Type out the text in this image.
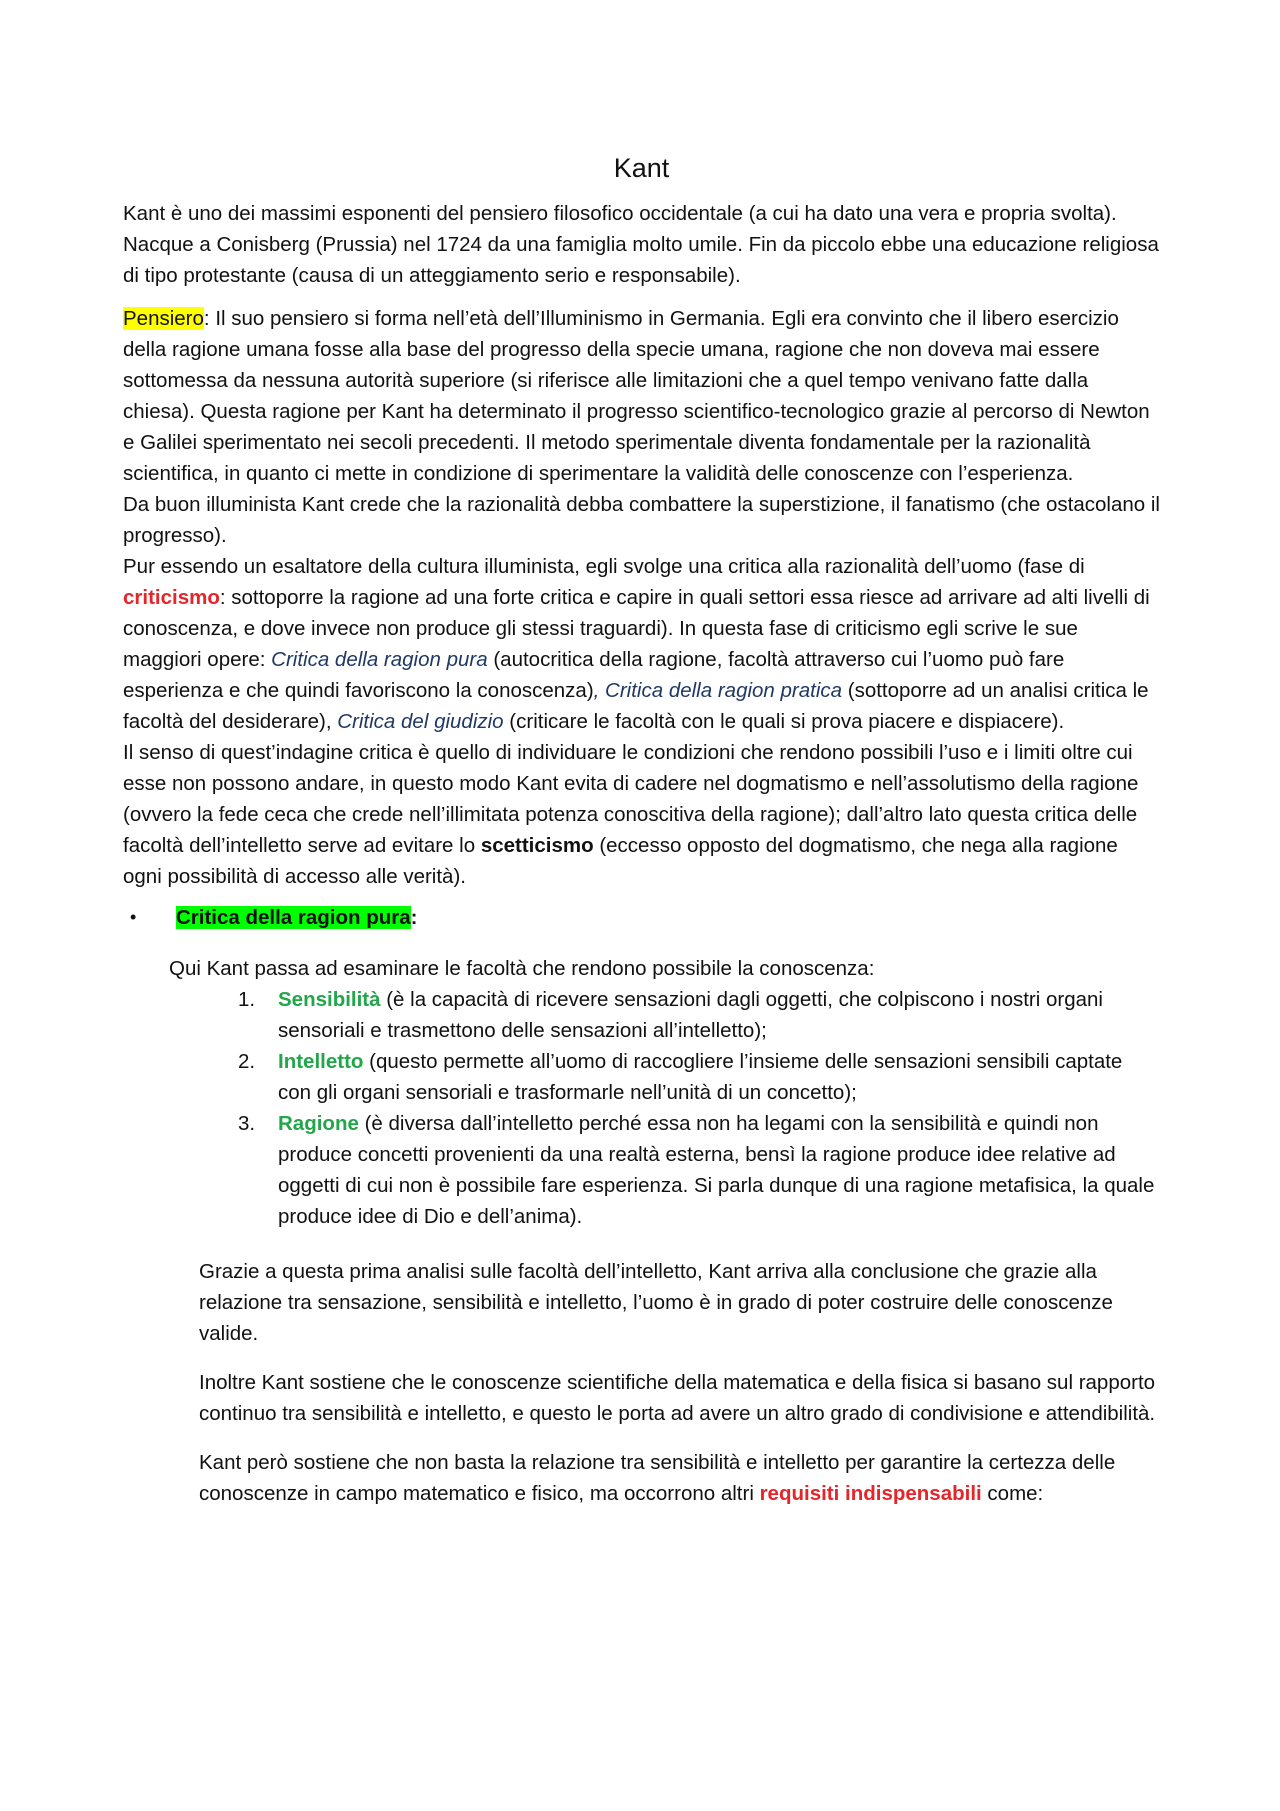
Kant

Kant è uno dei massimi esponenti del pensiero filosofico occidentale (a cui ha dato una vera e propria svolta).

Nacque a Conisberg (Prussia) nel 1724 da una famiglia molto umile. Fin da piccolo ebbe una educazione religiosa di tipo protestante (causa di un atteggiamento serio e responsabile).

Pensiero: Il suo pensiero si forma nell’età dell’Illuminismo in Germania. Egli era convinto che il libero esercizio della ragione umana fosse alla base del progresso della specie umana, ragione che non doveva mai essere sottomessa da nessuna autorità superiore (si riferisce alle limitazioni che a quel tempo venivano fatte dalla chiesa). Questa ragione per Kant ha determinato il progresso scientifico-tecnologico grazie al percorso di Newton e Galilei sperimentato nei secoli precedenti. Il metodo sperimentale diventa fondamentale per la razionalità scientifica, in quanto ci mette in condizione di sperimentare la validità delle conoscenze con l’esperienza.

Da buon illuminista Kant crede che la razionalità debba combattere la superstizione, il fanatismo (che ostacolano il progresso).

Pur essendo un esaltatore della cultura illuminista, egli svolge una critica alla razionalità dell’uomo (fase di criticismo: sottoporre la ragione ad una forte critica e capire in quali settori essa riesce ad arrivare ad alti livelli di conoscenza, e dove invece non produce gli stessi traguardi). In questa fase di criticismo egli scrive le sue maggiori opere: Critica della ragion pura (autocritica della ragione, facoltà attraverso cui l’uomo può fare esperienza e che quindi favoriscono la conoscenza), Critica della ragion pratica (sottoporre ad un analisi critica le facoltà del desiderare), Critica del giudizio (criticare le facoltà con le quali si prova piacere e dispiacere).

Il senso di quest’indagine critica è quello di individuare le condizioni che rendono possibili l’uso e i limiti oltre cui esse non possono andare, in questo modo Kant evita di cadere nel dogmatismo e nell’assolutismo della ragione (ovvero la fede ceca che crede nell’illimitata potenza conoscitiva della ragione); dall’altro lato questa critica delle facoltà dell’intelletto serve ad evitare lo scetticismo (eccesso opposto del dogmatismo, che nega alla ragione ogni possibilità di accesso alle verità).

•	Critica della ragion pura:

Qui Kant passa ad esaminare le facoltà che rendono possibile la conoscenza:

1.	Sensibilità (è la capacità di ricevere sensazioni dagli oggetti, che colpiscono i nostri organi sensoriali e trasmettono delle sensazioni all’intelletto);
2.	Intelletto (questo permette all’uomo di raccogliere l’insieme delle sensazioni sensibili captate con gli organi sensoriali e trasformarle nell’unità di un concetto);
3.	Ragione (è diversa dall’intelletto perché essa non ha legami con la sensibilità e quindi non produce concetti provenienti da una realtà esterna, bensì la ragione produce idee relative ad oggetti di cui non è possibile fare esperienza. Si parla dunque di una ragione metafisica, la quale produce idee di Dio e dell’anima).

Grazie a questa prima analisi sulle facoltà dell’intelletto, Kant arriva alla conclusione che grazie alla relazione tra sensazione, sensibilità e intelletto, l’uomo è in grado di poter costruire delle conoscenze valide.

Inoltre Kant sostiene che le conoscenze scientifiche della matematica e della fisica si basano sul rapporto continuo tra sensibilità e intelletto, e questo le porta ad avere un altro grado di condivisione e attendibilità.

Kant però sostiene che non basta la relazione tra sensibilità e intelletto per garantire la certezza delle conoscenze in campo matematico e fisico, ma occorrono altri requisiti indispensabili come:
